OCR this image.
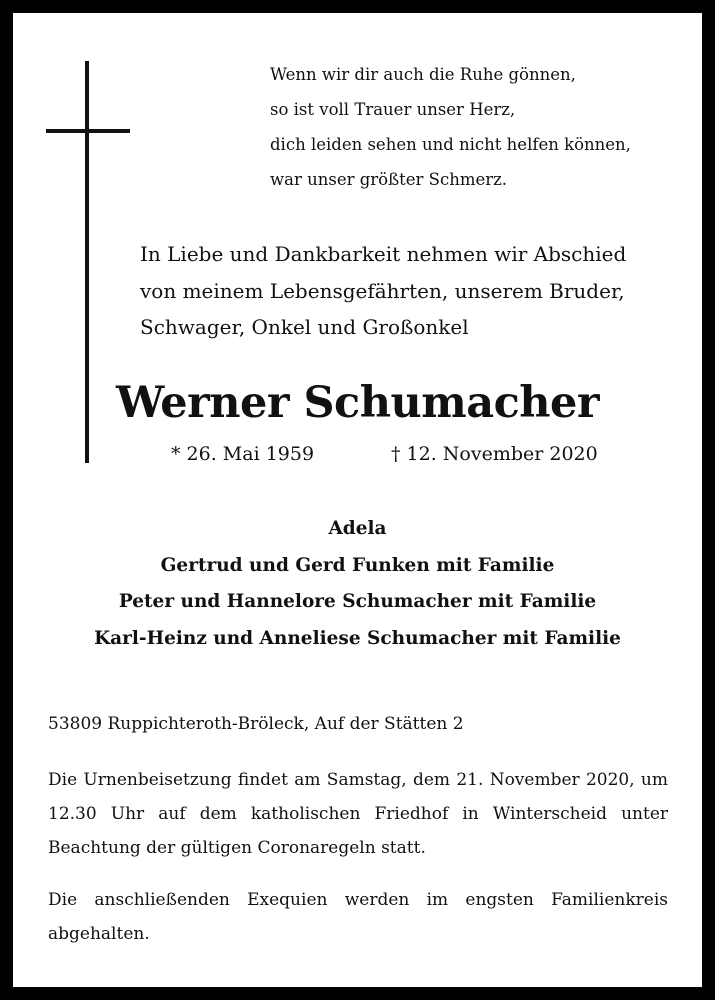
Wenn wir dir auch die Ruhe gönnen,
so ist voll Trauer unser Herz,
dich leiden sehen und nicht helfen können,
war unser größter Schmerz.
In Liebe und Dankbarkeit nehmen wir Abschied
von meinem Lebensgefährten, unserem Bruder,
Schwager, Onkel und Großonkel
Werner Schumacher
* 26. Mai 1959	† 12. November 2020
Adela
Gertrud und Gerd Funken mit Familie
Peter und Hannelore Schumacher mit Familie
Karl-Heinz und Anneliese Schumacher mit Familie
53809 Ruppichteroth-Bröleck, Auf der Stätten 2

Die Urnenbeisetzung findet am Samstag, dem 21. November 2020, um 12.30 Uhr auf dem katholischen Friedhof in Winterscheid unter Beachtung der gültigen Coronaregeln statt.

Die anschließenden Exequien werden im engsten Familienkreis abgehalten.
